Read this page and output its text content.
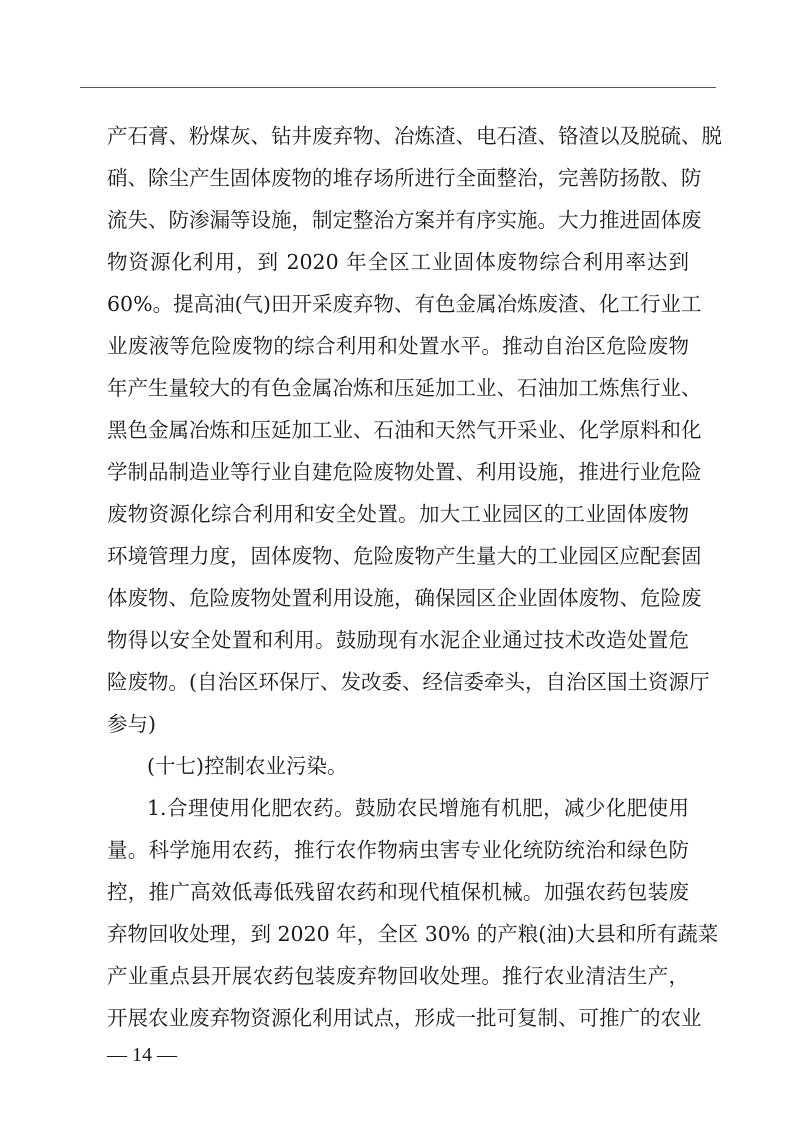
产石膏、粉煤灰、钻井废弃物、冶炼渣、电石渣、铬渣以及脱硫、脱
硝、除尘产生固体废物的堆存场所进行全面整治，完善防扬散、防
流失、防渗漏等设施，制定整治方案并有序实施。大力推进固体废
物资源化利用，到 2020 年全区工业固体废物综合利用率达到
60%。提高油(气)田开采废弃物、有色金属冶炼废渣、化工行业工
业废液等危险废物的综合利用和处置水平。推动自治区危险废物
年产生量较大的有色金属冶炼和压延加工业、石油加工炼焦行业、
黑色金属冶炼和压延加工业、石油和天然气开采业、化学原料和化
学制品制造业等行业自建危险废物处置、利用设施，推进行业危险
废物资源化综合利用和安全处置。加大工业园区的工业固体废物
环境管理力度，固体废物、危险废物产生量大的工业园区应配套固
体废物、危险废物处置利用设施，确保园区企业固体废物、危险废
物得以安全处置和利用。鼓励现有水泥企业通过技术改造处置危
险废物。(自治区环保厅、发改委、经信委牵头，自治区国土资源厅
参与)
(十七)控制农业污染。
1.合理使用化肥农药。鼓励农民增施有机肥，减少化肥使用
量。科学施用农药，推行农作物病虫害专业化统防统治和绿色防
控，推广高效低毒低残留农药和现代植保机械。加强农药包装废
弃物回收处理，到 2020 年，全区 30% 的产粮(油)大县和所有蔬菜
产业重点县开展农药包装废弃物回收处理。推行农业清洁生产，
开展农业废弃物资源化利用试点，形成一批可复制、可推广的农业
— 14 —
